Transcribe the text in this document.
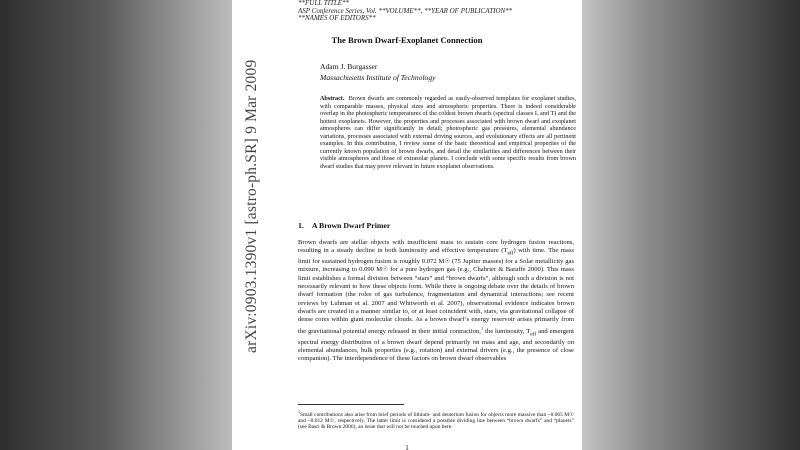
arXiv:0903.1390v1 [astro-ph.SR] 9 Mar 2009
**FULL TITLE**
ASP Conference Series, Vol. **VOLUME**, **YEAR OF PUBLICATION**
**NAMES OF EDITORS**
The Brown Dwarf-Exoplanet Connection
Adam J. Burgasser
Massachusetts Institute of Technology
Abstract. Brown dwarfs are commonly regarded as easily-observed templates for exoplanet studies, with comparable masses, physical sizes and atmospheric properties. There is indeed considerable overlap in the photospheric temperatures of the coldest brown dwarfs (spectral classes L and T) and the hottest exoplanets. However, the properties and processes associated with brown dwarf and exoplanet atmospheres can differ significantly in detail; photospheric gas pressures, elemental abundance variations, processes associated with external driving sources, and evolutionary effects are all pertinent examples. In this contribution, I review some of the basic theoretical and empirical properties of the currently known population of brown dwarfs, and detail the similarities and differences between their visible atmospheres and those of extrasolar planets. I conclude with some specific results from brown dwarf studies that may prove relevant in future exoplanet observations.
1. A Brown Dwarf Primer
Brown dwarfs are stellar objects with insufficient mass to sustain core hydrogen fusion reactions, resulting in a steady decline in both luminosity and effective temperature $(T_{eff})$ with time. The mass limit for sustained hydrogen fusion is roughly 0.072 M☉ (75 Jupiter masses) for a Solar metallicity gas mixture, increasing to 0.090 M☉ for a pure hydrogen gas (e.g., Chabrier & Baraffe 2000). This mass limit establishes a formal division between “stars” and “brown dwarfs”, although such a division is not necessarily relevant to how these objects form. While there is ongoing debate over the details of brown dwarf formation (the roles of gas turbulence, fragmentation and dynamical interactions; see recent reviews by Luhman et al. 2007 and Whitworth et al. 2007), observational evidence indicates brown dwarfs are created in a manner similar to, or at least coincident with, stars, via gravitational collapse of dense cores within giant molecular clouds. As a brown dwarf’s energy reservoir arises primarily from the gravitational potential energy released in their initial contraction,$^1$ the luminosity, $T_{eff}$ and emergent spectral energy distribution of a brown dwarf depend primarily on mass and age, and secondarily on elemental abundances, bulk properties (e.g., rotation) and external drivers (e.g., the presence of close companion). The interdependence of these factors on brown dwarf observables
$^1$Small contributions also arise from brief periods of lithium- and deuterium fusion for objects more massive than ~0.065 M☉ and ~0.012 M☉, respectively. The latter limit is considered a possible dividing line between “brown dwarfs” and “planets” (see Basri & Brown 2006), an issue that will not be touched upon here.
1
